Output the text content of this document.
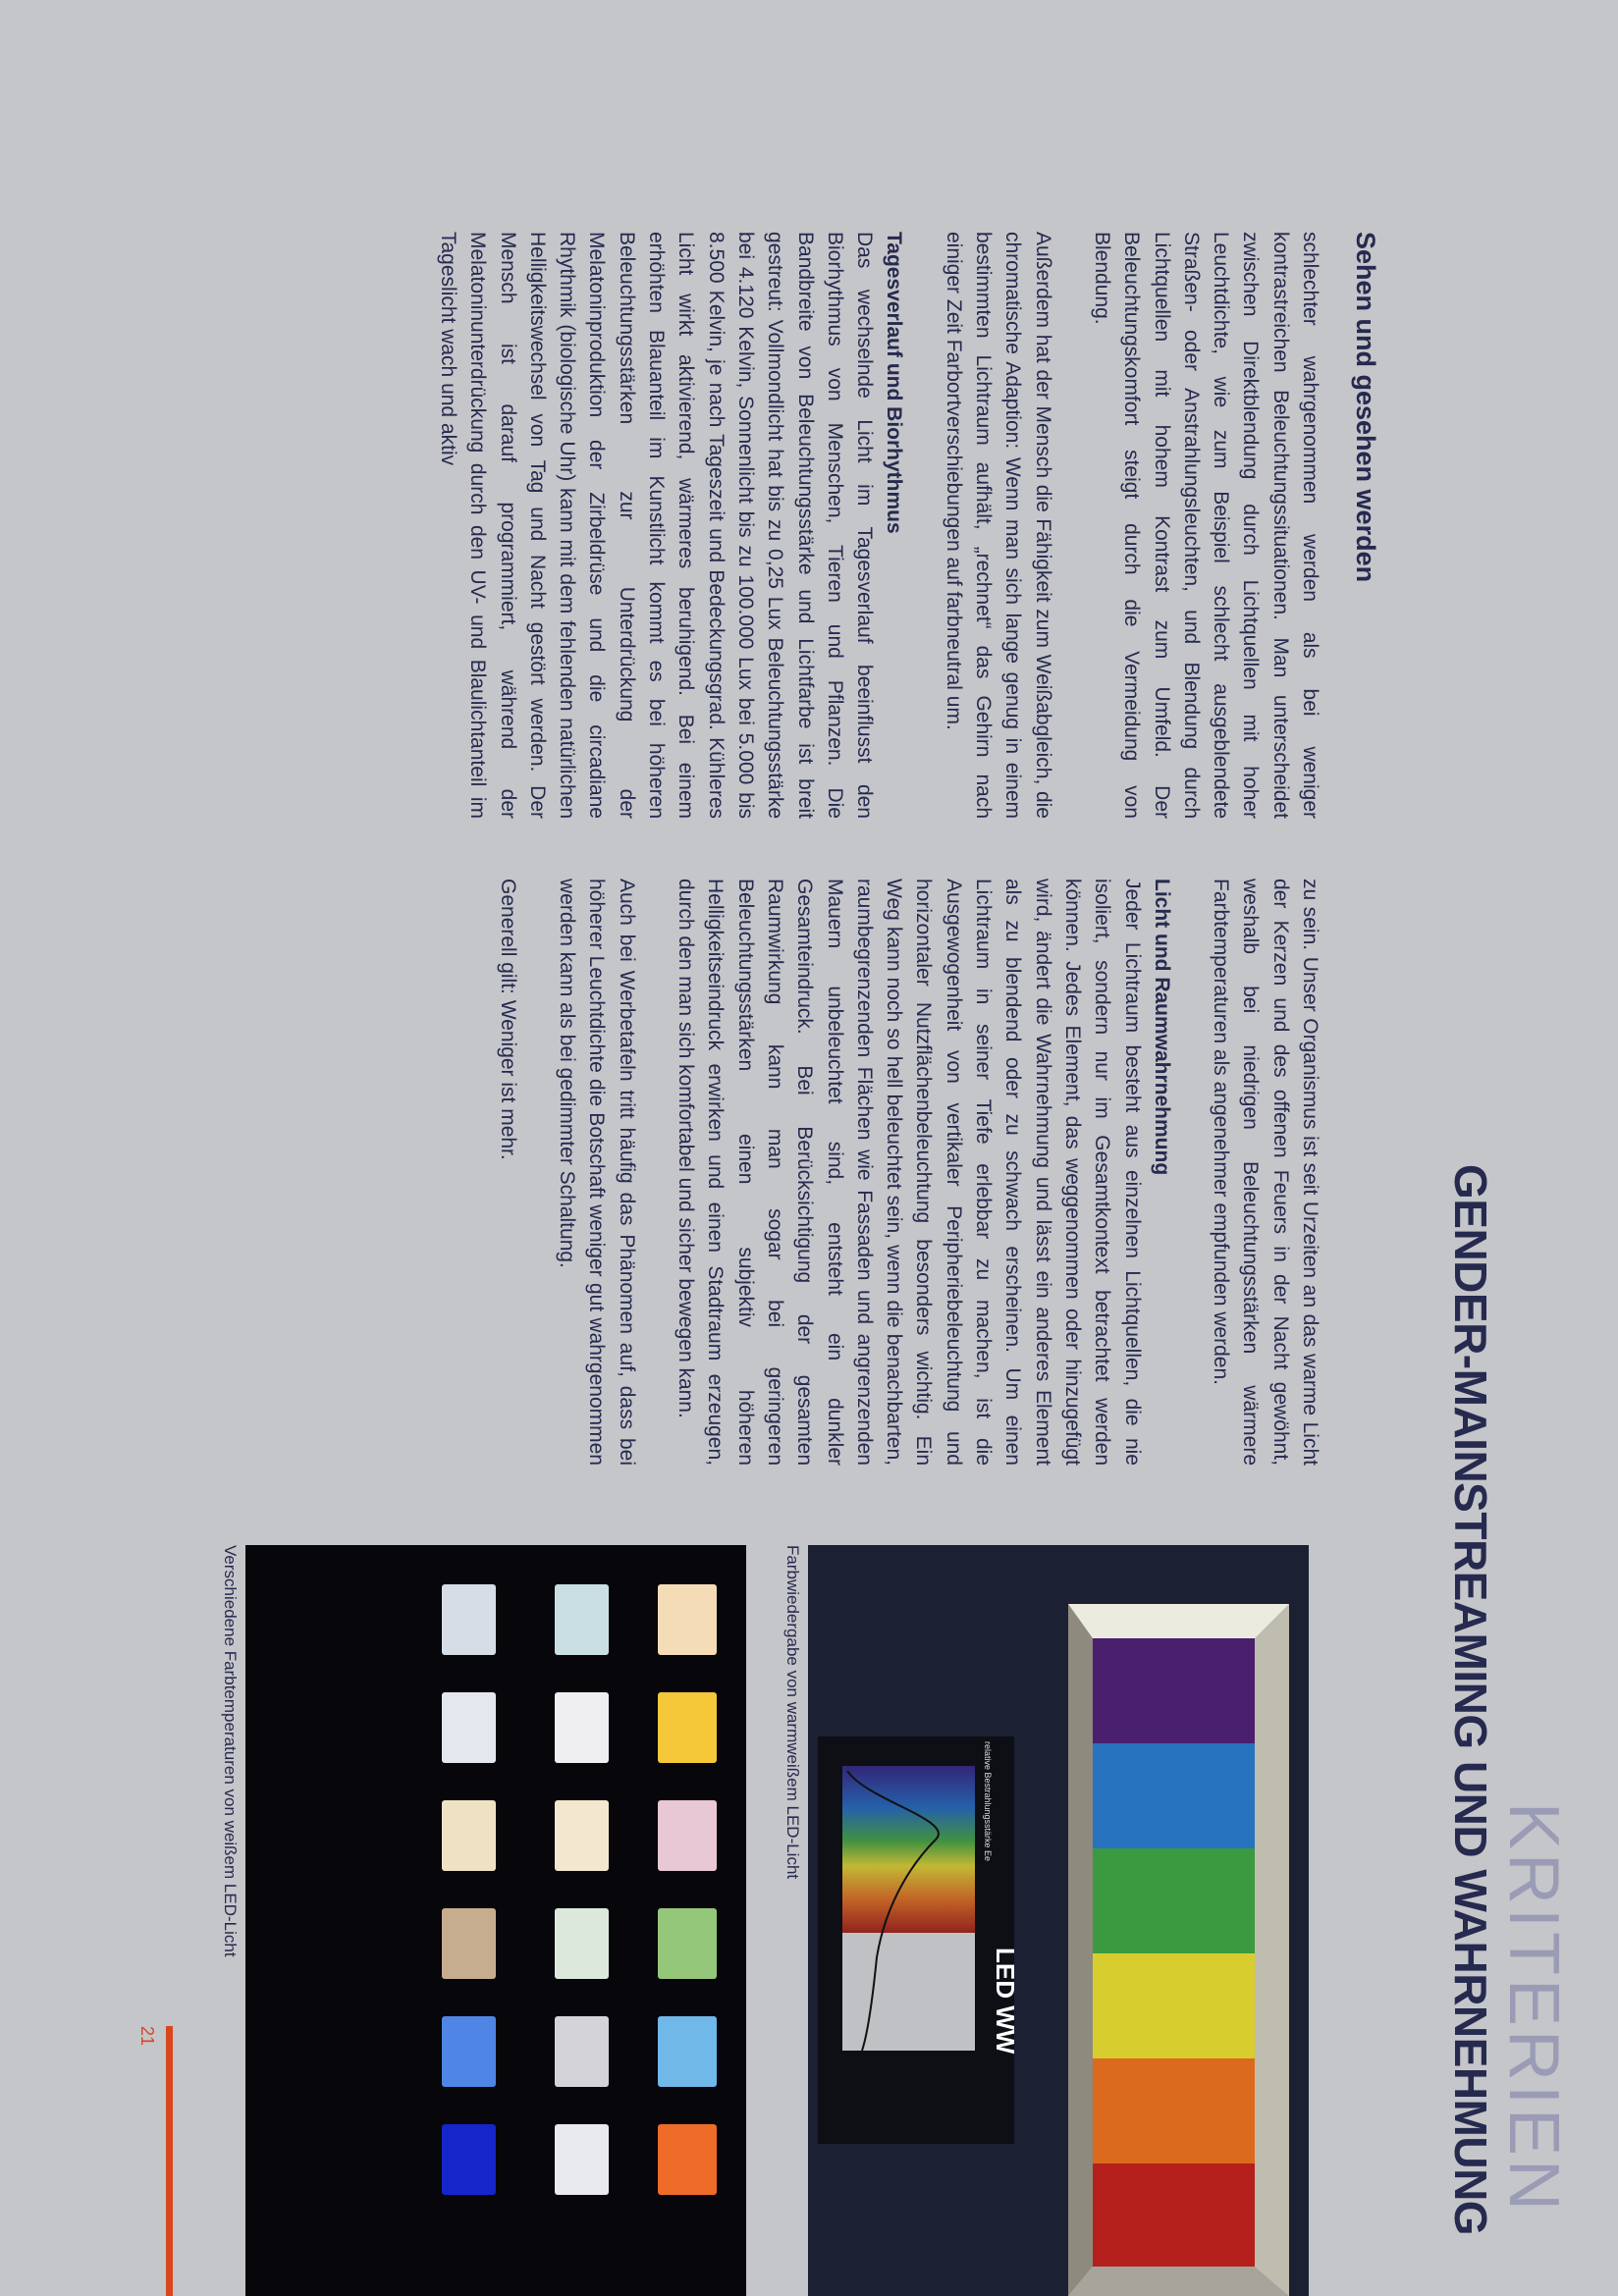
KRITERIEN
GENDER-MAINSTREAMING UND WAHRNEHMUNG
Sehen und gesehen werden

schlechter wahrgenommen werden als bei weniger kontrastreichen Beleuchtungssituationen. Man unterscheidet zwischen Direktblendung durch Lichtquellen mit hoher Leuchtdichte, wie zum Beispiel schlecht ausgeblendete Straßen- oder Anstrahlungsleuchten, und Blendung durch Lichtquellen mit hohem Kontrast zum Umfeld. Der Beleuchtungskomfort steigt durch die Vermeidung von Blendung.

Außerdem hat der Mensch die Fähigkeit zum Weißabgleich, die chromatische Adaption: Wenn man sich lange genug in einem bestimmten Lichtraum aufhält, „rechnet“ das Gehirn nach einiger Zeit Farbortverschiebungen auf farbneutral um.

Tagesverlauf und Biorhythmus

Das wechselnde Licht im Tagesverlauf beeinflusst den Biorhythmus von Menschen, Tieren und Pflanzen. Die Bandbreite von Beleuchtungsstärke und Lichtfarbe ist breit gestreut: Vollmondlicht hat bis zu 0,25 Lux Beleuchtungsstärke bei 4.120 Kelvin, Sonnenlicht bis zu 100.000 Lux bei 5.000 bis 8.500 Kelvin, je nach Tageszeit und Bedeckungsgrad. Kühleres Licht wirkt aktivierend, wärmeres beruhigend. Bei einem erhöhten Blauanteil im Kunstlicht kommt es bei höheren Beleuchtungsstärken zur Unterdrückung der Melatoninproduktion der Zirbeldrüse und die circadiane Rhythmik (biologische Uhr) kann mit dem fehlenden natürlichen Helligkeitswechsel von Tag und Nacht gestört werden. Der Mensch ist darauf programmiert, während der Melatoninunterdrückung durch den UV- und Blaulichtanteil im Tageslicht wach und aktiv

zu sein. Unser Organismus ist seit Urzeiten an das warme Licht der Kerzen und des offenen Feuers in der Nacht gewöhnt, weshalb bei niedrigen Beleuchtungsstärken wärmere Farbtemperaturen als angenehmer empfunden werden.

Licht und Raumwahrnehmung

Jeder Lichtraum besteht aus einzelnen Lichtquellen, die nie isoliert, sondern nur im Gesamtkontext betrachtet werden können. Jedes Element, das weggenommen oder hinzugefügt wird, ändert die Wahrnehmung und lässt ein anderes Element als zu blendend oder zu schwach erscheinen. Um einen Lichtraum in seiner Tiefe erlebbar zu machen, ist die Ausgewogenheit von vertikaler Peripheriebeleuchtung und horizontaler Nutzflächenbeleuchtung besonders wichtig. Ein Weg kann noch so hell beleuchtet sein, wenn die benachbarten, raumbegrenzenden Flächen wie Fassaden und angrenzenden Mauern unbeleuchtet sind, entsteht ein dunkler Gesamteindruck. Bei Berücksichtigung der gesamten Raumwirkung kann man sogar bei geringeren Beleuchtungsstärken einen subjektiv höheren Helligkeitseindruck erwirken und einen Stadtraum erzeugen, durch den man sich komfortabel und sicher bewegen kann.

Auch bei Werbetafeln tritt häufig das Phänomen auf, dass bei höherer Leuchtdichte die Botschaft weniger gut wahrgenommen werden kann als bei gedimmter Schaltung.

Generell gilt: Weniger ist mehr.

LED WW
relative Bestrahlungsstärke Ee
Farbwiedergabe von warmweißem LED-Licht
Verschiedene Farbtemperaturen von weißem LED-Licht
21
